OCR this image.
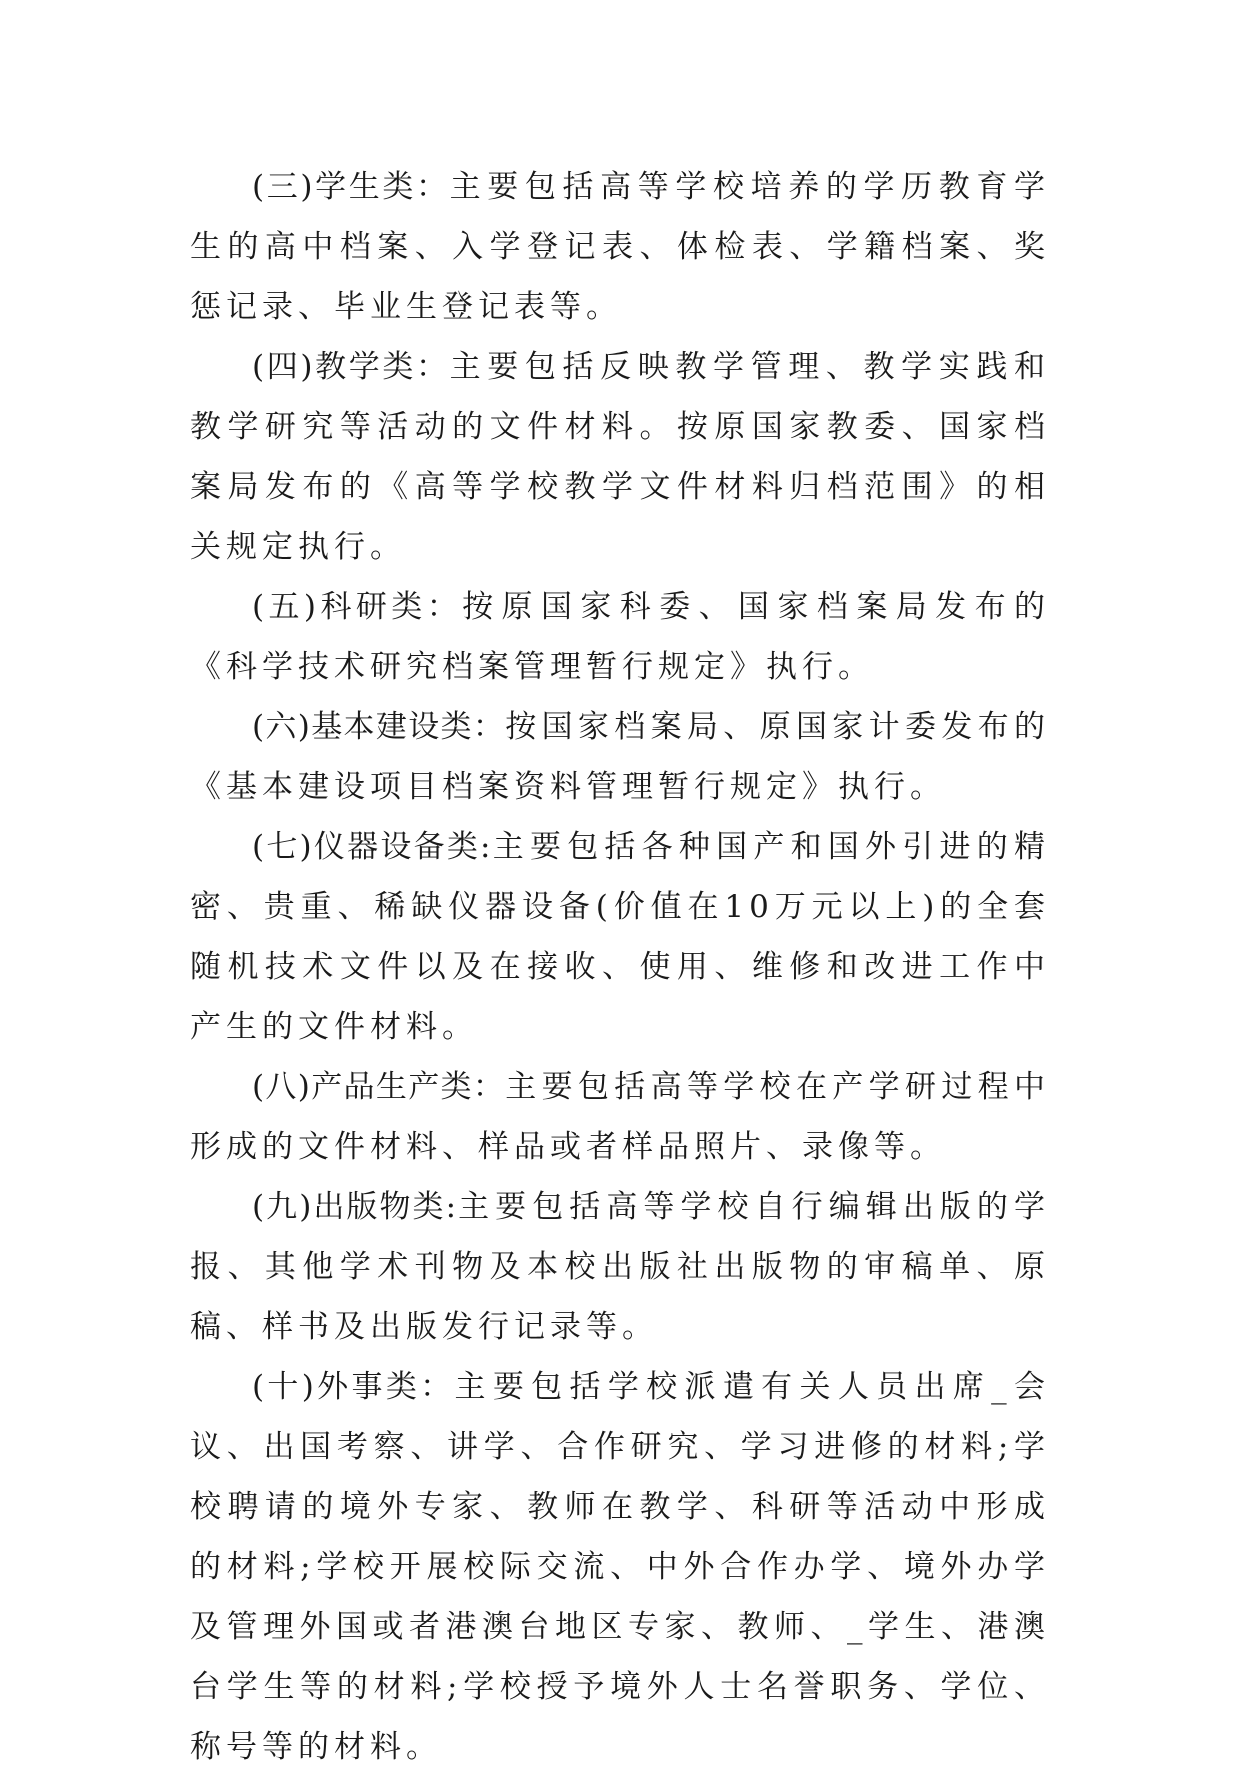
(三)学生类：主要包括高等学校培养的学历教育学生的高中档案、入学登记表、体检表、学籍档案、奖惩记录、毕业生登记表等。

(四)教学类：主要包括反映教学管理、教学实践和教学研究等活动的文件材料。按原国家教委、国家档案局发布的《高等学校教学文件材料归档范围》的相关规定执行。

(五)科研类：按原国家科委、国家档案局发布的《科学技术研究档案管理暂行规定》执行。

(六)基本建设类：按国家档案局、原国家计委发布的《基本建设项目档案资料管理暂行规定》执行。

(七)仪器设备类:主要包括各种国产和国外引进的精密、贵重、稀缺仪器设备(价值在10万元以上)的全套随机技术文件以及在接收、使用、维修和改进工作中产生的文件材料。

(八)产品生产类：主要包括高等学校在产学研过程中形成的文件材料、样品或者样品照片、录像等。

(九)出版物类:主要包括高等学校自行编辑出版的学报、其他学术刊物及本校出版社出版物的审稿单、原稿、样书及出版发行记录等。

(十)外事类：主要包括学校派遣有关人员出席_会议、出国考察、讲学、合作研究、学习进修的材料;学校聘请的境外专家、教师在教学、科研等活动中形成的材料;学校开展校际交流、中外合作办学、境外办学及管理外国或者港澳台地区专家、教师、_学生、港澳台学生等的材料;学校授予境外人士名誉职务、学位、称号等的材料。
